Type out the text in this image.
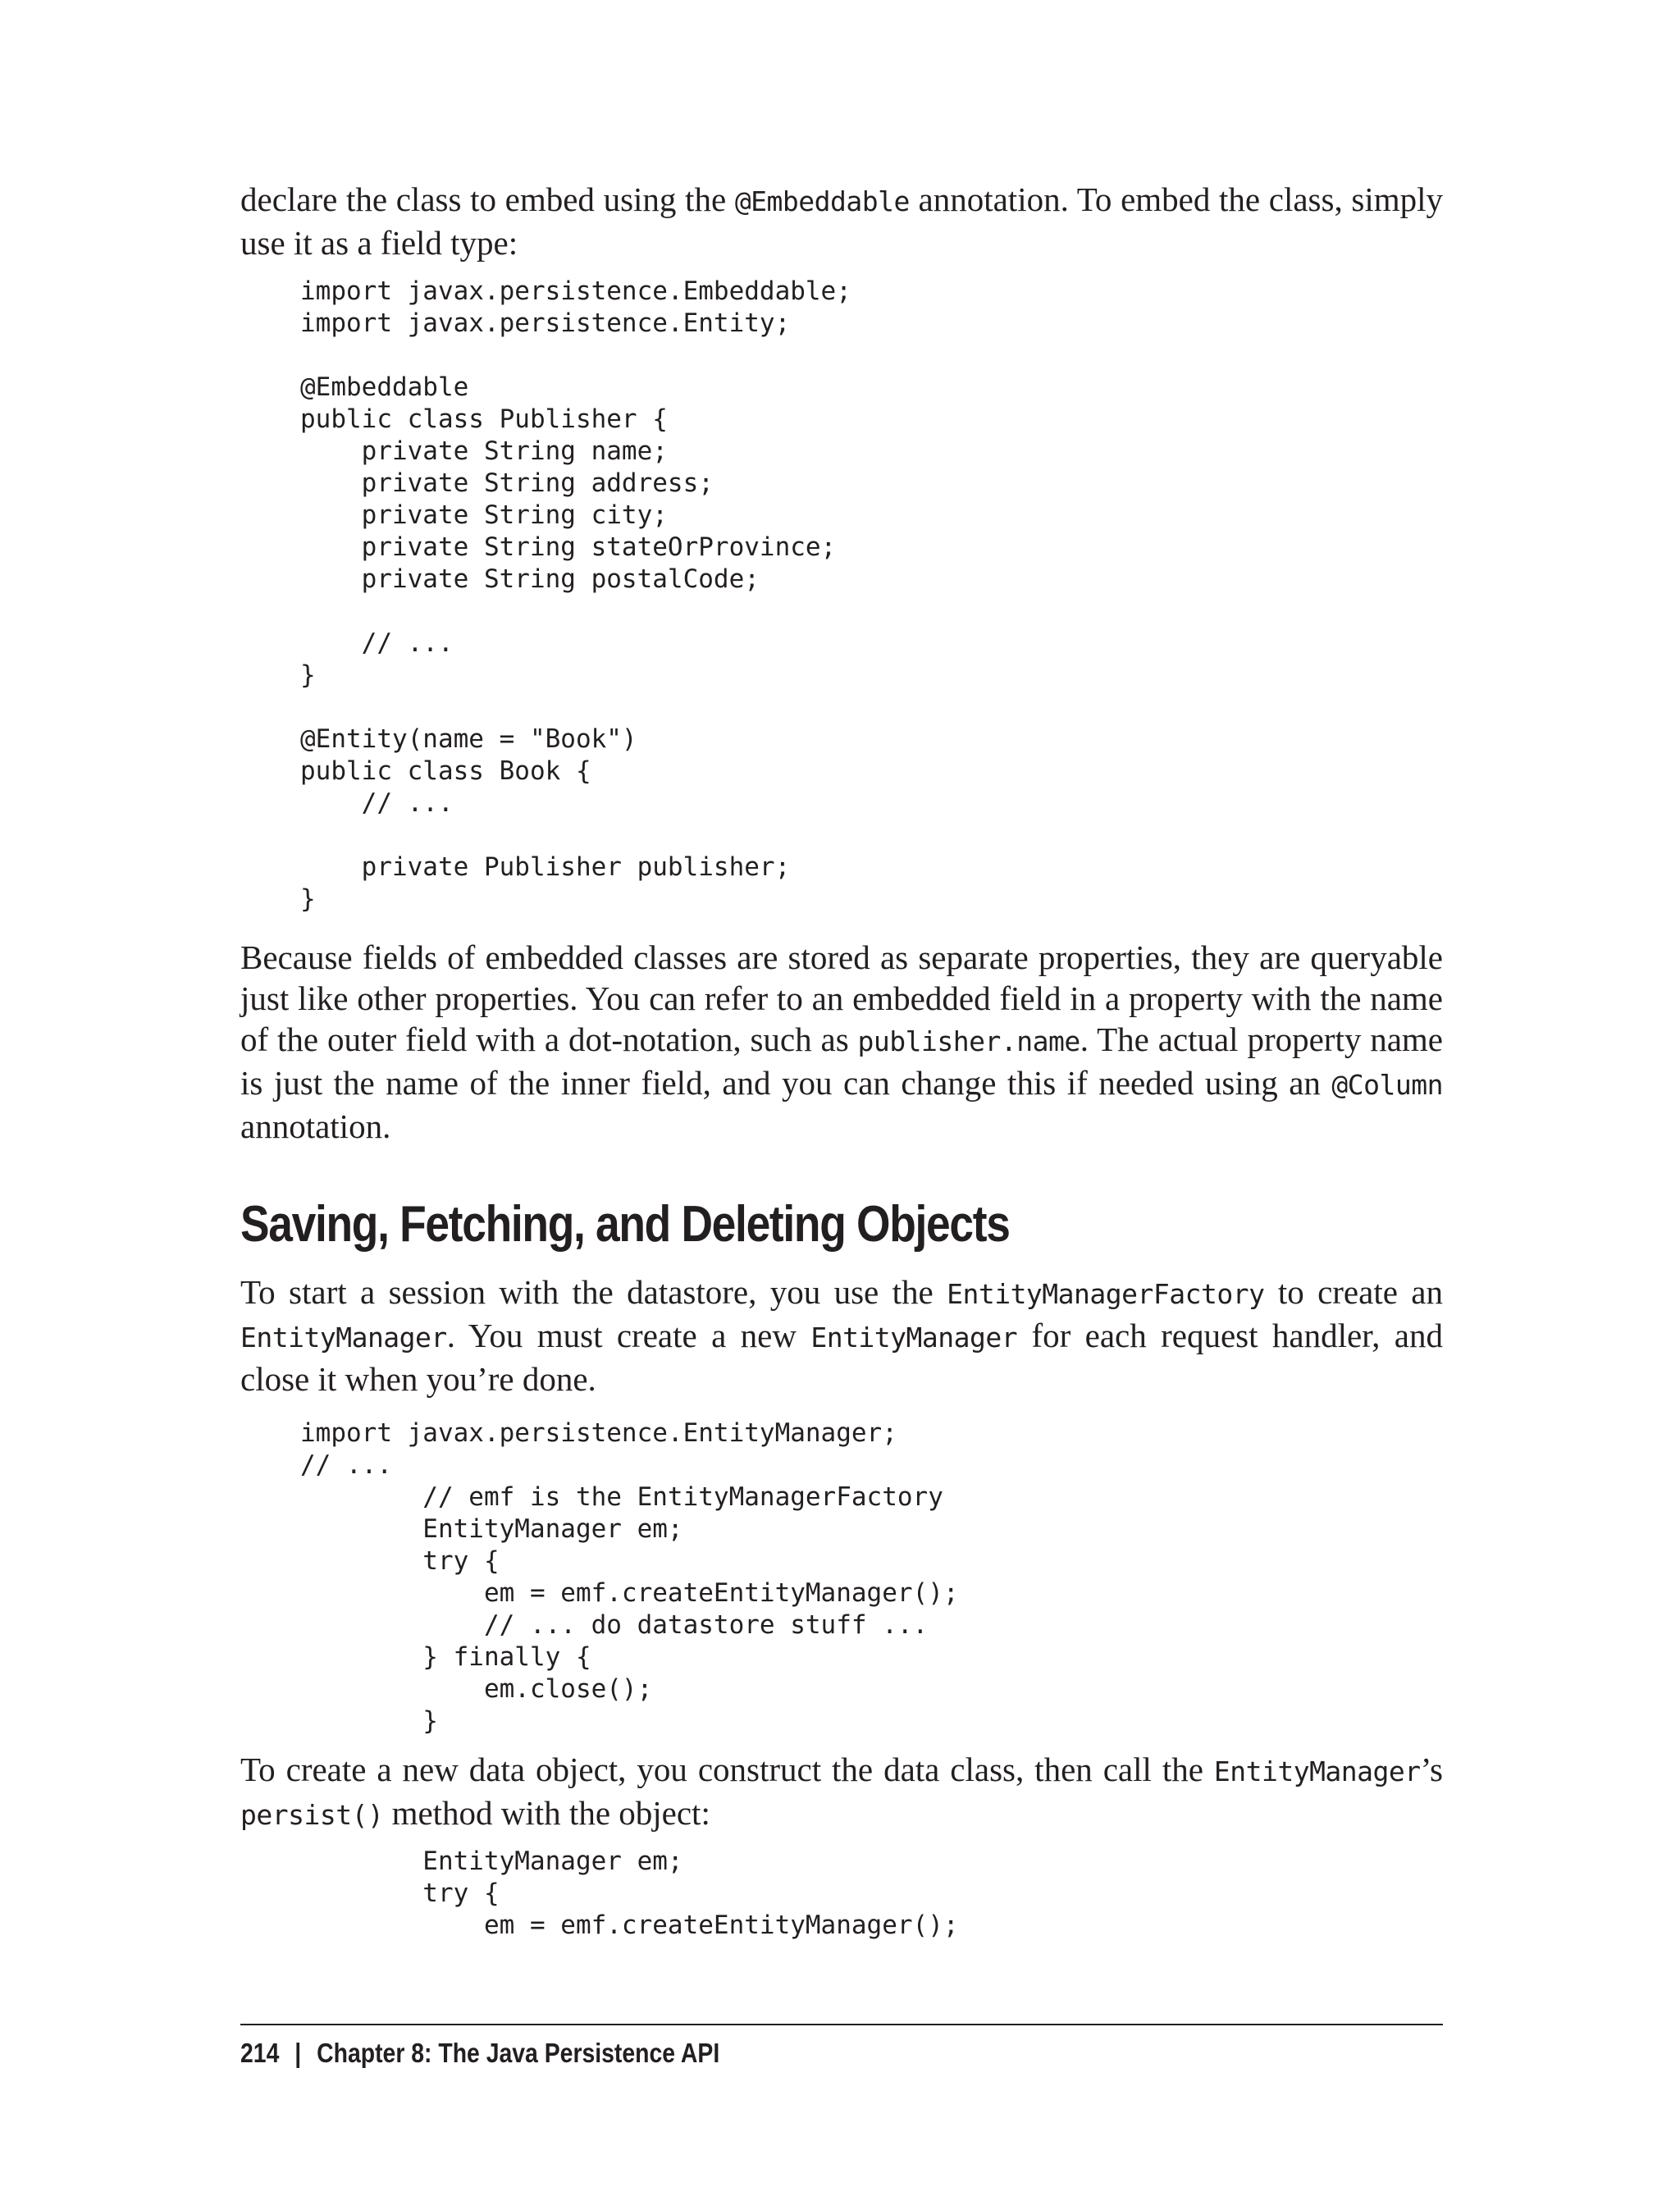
declare the class to embed using the @Embeddable annotation. To embed the class, simply use it as a field type:

import javax.persistence.Embeddable;
import javax.persistence.Entity;

@Embeddable
public class Publisher {
private String name;
private String address;
private String city;
private String stateOrProvince;
private String postalCode;

// ...
}

@Entity(name = "Book")
public class Book {
// ...

private Publisher publisher;
}

Because fields of embedded classes are stored as separate properties, they are queryable just like other properties. You can refer to an embedded field in a property with the name of the outer field with a dot-notation, such as publisher.name. The actual property name is just the name of the inner field, and you can change this if needed using an @Column annotation.

Saving, Fetching, and Deleting Objects

To start a session with the datastore, you use the EntityManagerFactory to create an EntityManager. You must create a new EntityManager for each request handler, and close it when you’re done.

import javax.persistence.EntityManager;
// ...
// emf is the EntityManagerFactory
EntityManager em;
try {
em = emf.createEntityManager();
// ... do datastore stuff ...
} finally {
em.close();
}

To create a new data object, you construct the data class, then call the EntityManager’s persist() method with the object:

EntityManager em;
try {
em = emf.createEntityManager();

214 | Chapter 8: The Java Persistence API
